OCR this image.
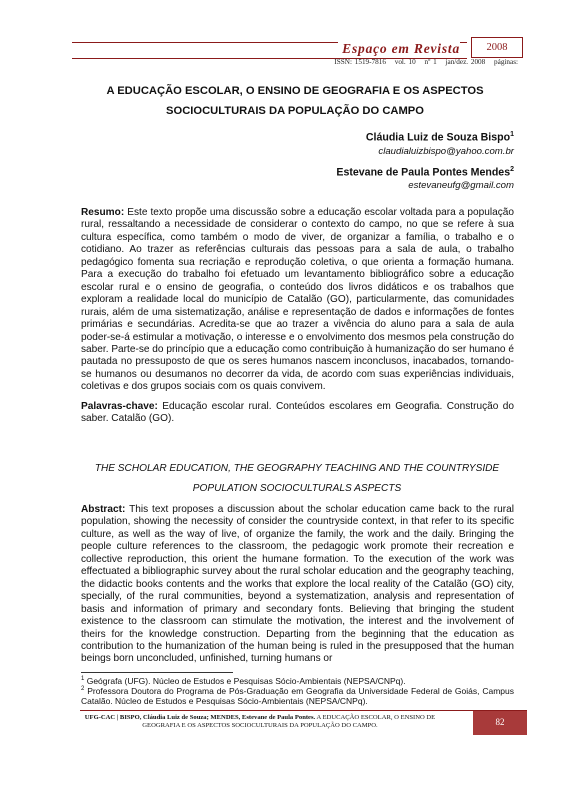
Espaço em Revista	2008
ISSN: 1519-7816 vol. 10 nº 1 jan/dez. 2008 páginas:
A EDUCAÇÃO ESCOLAR, O ENSINO DE GEOGRAFIA E OS ASPECTOS
SOCIOCULTURAIS DA POPULAÇÃO DO CAMPO
Cláudia Luiz de Souza Bispo$^1$
claudialuizbispo@yahoo.com.br
Estevane de Paula Pontes Mendes$^2$
estevaneufg@gmail.com
Resumo: Este texto propõe uma discussão sobre a educação escolar voltada para a população rural, ressaltando a necessidade de considerar o contexto do campo, no que se refere à sua cultura específica, como também o modo de viver, de organizar a família, o trabalho e o cotidiano. Ao trazer as referências culturais das pessoas para a sala de aula, o trabalho pedagógico fomenta sua recriação e reprodução coletiva, o que orienta a formação humana. Para a execução do trabalho foi efetuado um levantamento bibliográfico sobre a educação escolar rural e o ensino de geografia, o conteúdo dos livros didáticos e os trabalhos que exploram a realidade local do município de Catalão (GO), particularmente, das comunidades rurais, além de uma sistematização, análise e representação de dados e informações de fontes primárias e secundárias. Acredita-se que ao trazer a vivência do aluno para a sala de aula poder-se-á estimular a motivação, o interesse e o envolvimento dos mesmos pela construção do saber. Parte-se do princípio que a educação como contribuição à humanização do ser humano é pautada no pressuposto de que os seres humanos nascem inconclusos, inacabados, tornando-se humanos ou desumanos no decorrer da vida, de acordo com suas experiências individuais, coletivas e dos grupos sociais com os quais convivem.
Palavras-chave: Educação escolar rural. Conteúdos escolares em Geografia. Construção do saber. Catalão (GO).
THE SCHOLAR EDUCATION, THE GEOGRAPHY TEACHING AND THE COUNTRYSIDE
POPULATION SOCIOCULTURALS ASPECTS
Abstract: This text proposes a discussion about the scholar education came back to the rural population, showing the necessity of consider the countryside context, in that refer to its specific culture, as well as the way of live, of organize the family, the work and the daily. Bringing the people culture references to the classroom, the pedagogic work promote their recreation e collective reproduction, this orient the humane formation. To the execution of the work was effectuated a bibliographic survey about the rural scholar education and the geography teaching, the didactic books contents and the works that explore the local reality of the Catalão (GO) city, specially, of the rural communities, beyond a systematization, analysis and representation of basis and information of primary and secondary fonts. Believing that bringing the student existence to the classroom can stimulate the motivation, the interest and the involvement of theirs for the knowledge construction. Departing from the beginning that the education as contribution to the humanization of the human being is ruled in the presupposed that the human beings born unconcluded, unfinished, turning humans or
$^1$ Geógrafa (UFG). Núcleo de Estudos e Pesquisas Sócio-Ambientais (NEPSA/CNPq).
$^2$ Professora Doutora do Programa de Pós-Graduação em Geografia da Universidade Federal de Goiás, Campus Catalão. Núcleo de Estudos e Pesquisas Sócio-Ambientais (NEPSA/CNPq).
UFG-CAC | BISPO, Cláudia Luiz de Souza; MENDES, Estevane de Paula Pontes. A EDUCAÇÃO ESCOLAR, O ENSINO DE GEOGRAFIA E OS ASPECTOS SOCIOCULTURAIS DA POPULAÇÃO DO CAMPO.	82
